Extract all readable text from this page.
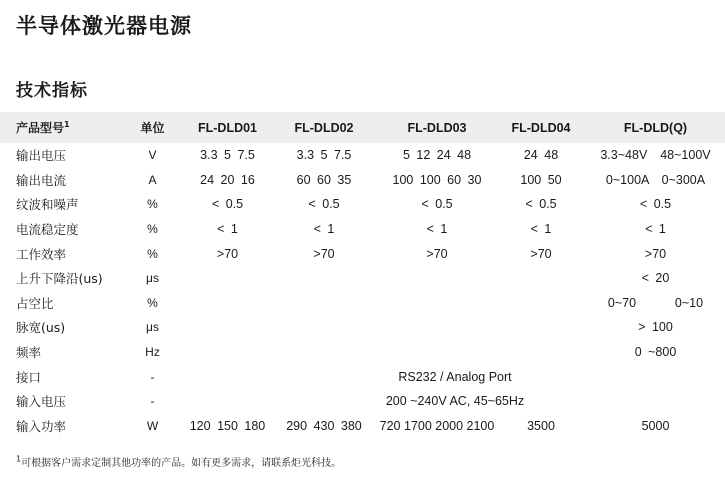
半导体激光器电源
技术指标
产品型号$^1$	单位	FL-DLD01	FL-DLD02	FL-DLD03	FL-DLD04	FL-DLD(Q)
输出电压	V	3.3 5 7.5	3.3 5 7.5	5 12 24 48	24 48	3.3~48V  48~100V
输出电流	A	24 20 16	60 60 35	100 100 60 30	100 50	0~100A  0~300A
纹波和噪声	%	< 0.5	< 0.5	< 0.5	< 0.5	< 0.5
电流稳定度	%	< 1	< 1	< 1	< 1	< 1
工作效率	%	>70	>70	>70	>70	>70
上升下降沿(us)	μs					< 20
占空比	%					0~70      0~10
脉宽(us)	μs					> 100
频率	Hz					0 ~800
接口	-	RS232 / Analog Port				
输入电压	-	200 ~240V AC, 45~65Hz				
输入功率	W	120 150 180	290 430 380	720 1700 2000 2100	3500	5000
$^1$可根据客户需求定制其他功率的产品。如有更多需求，请联系炬光科技。
